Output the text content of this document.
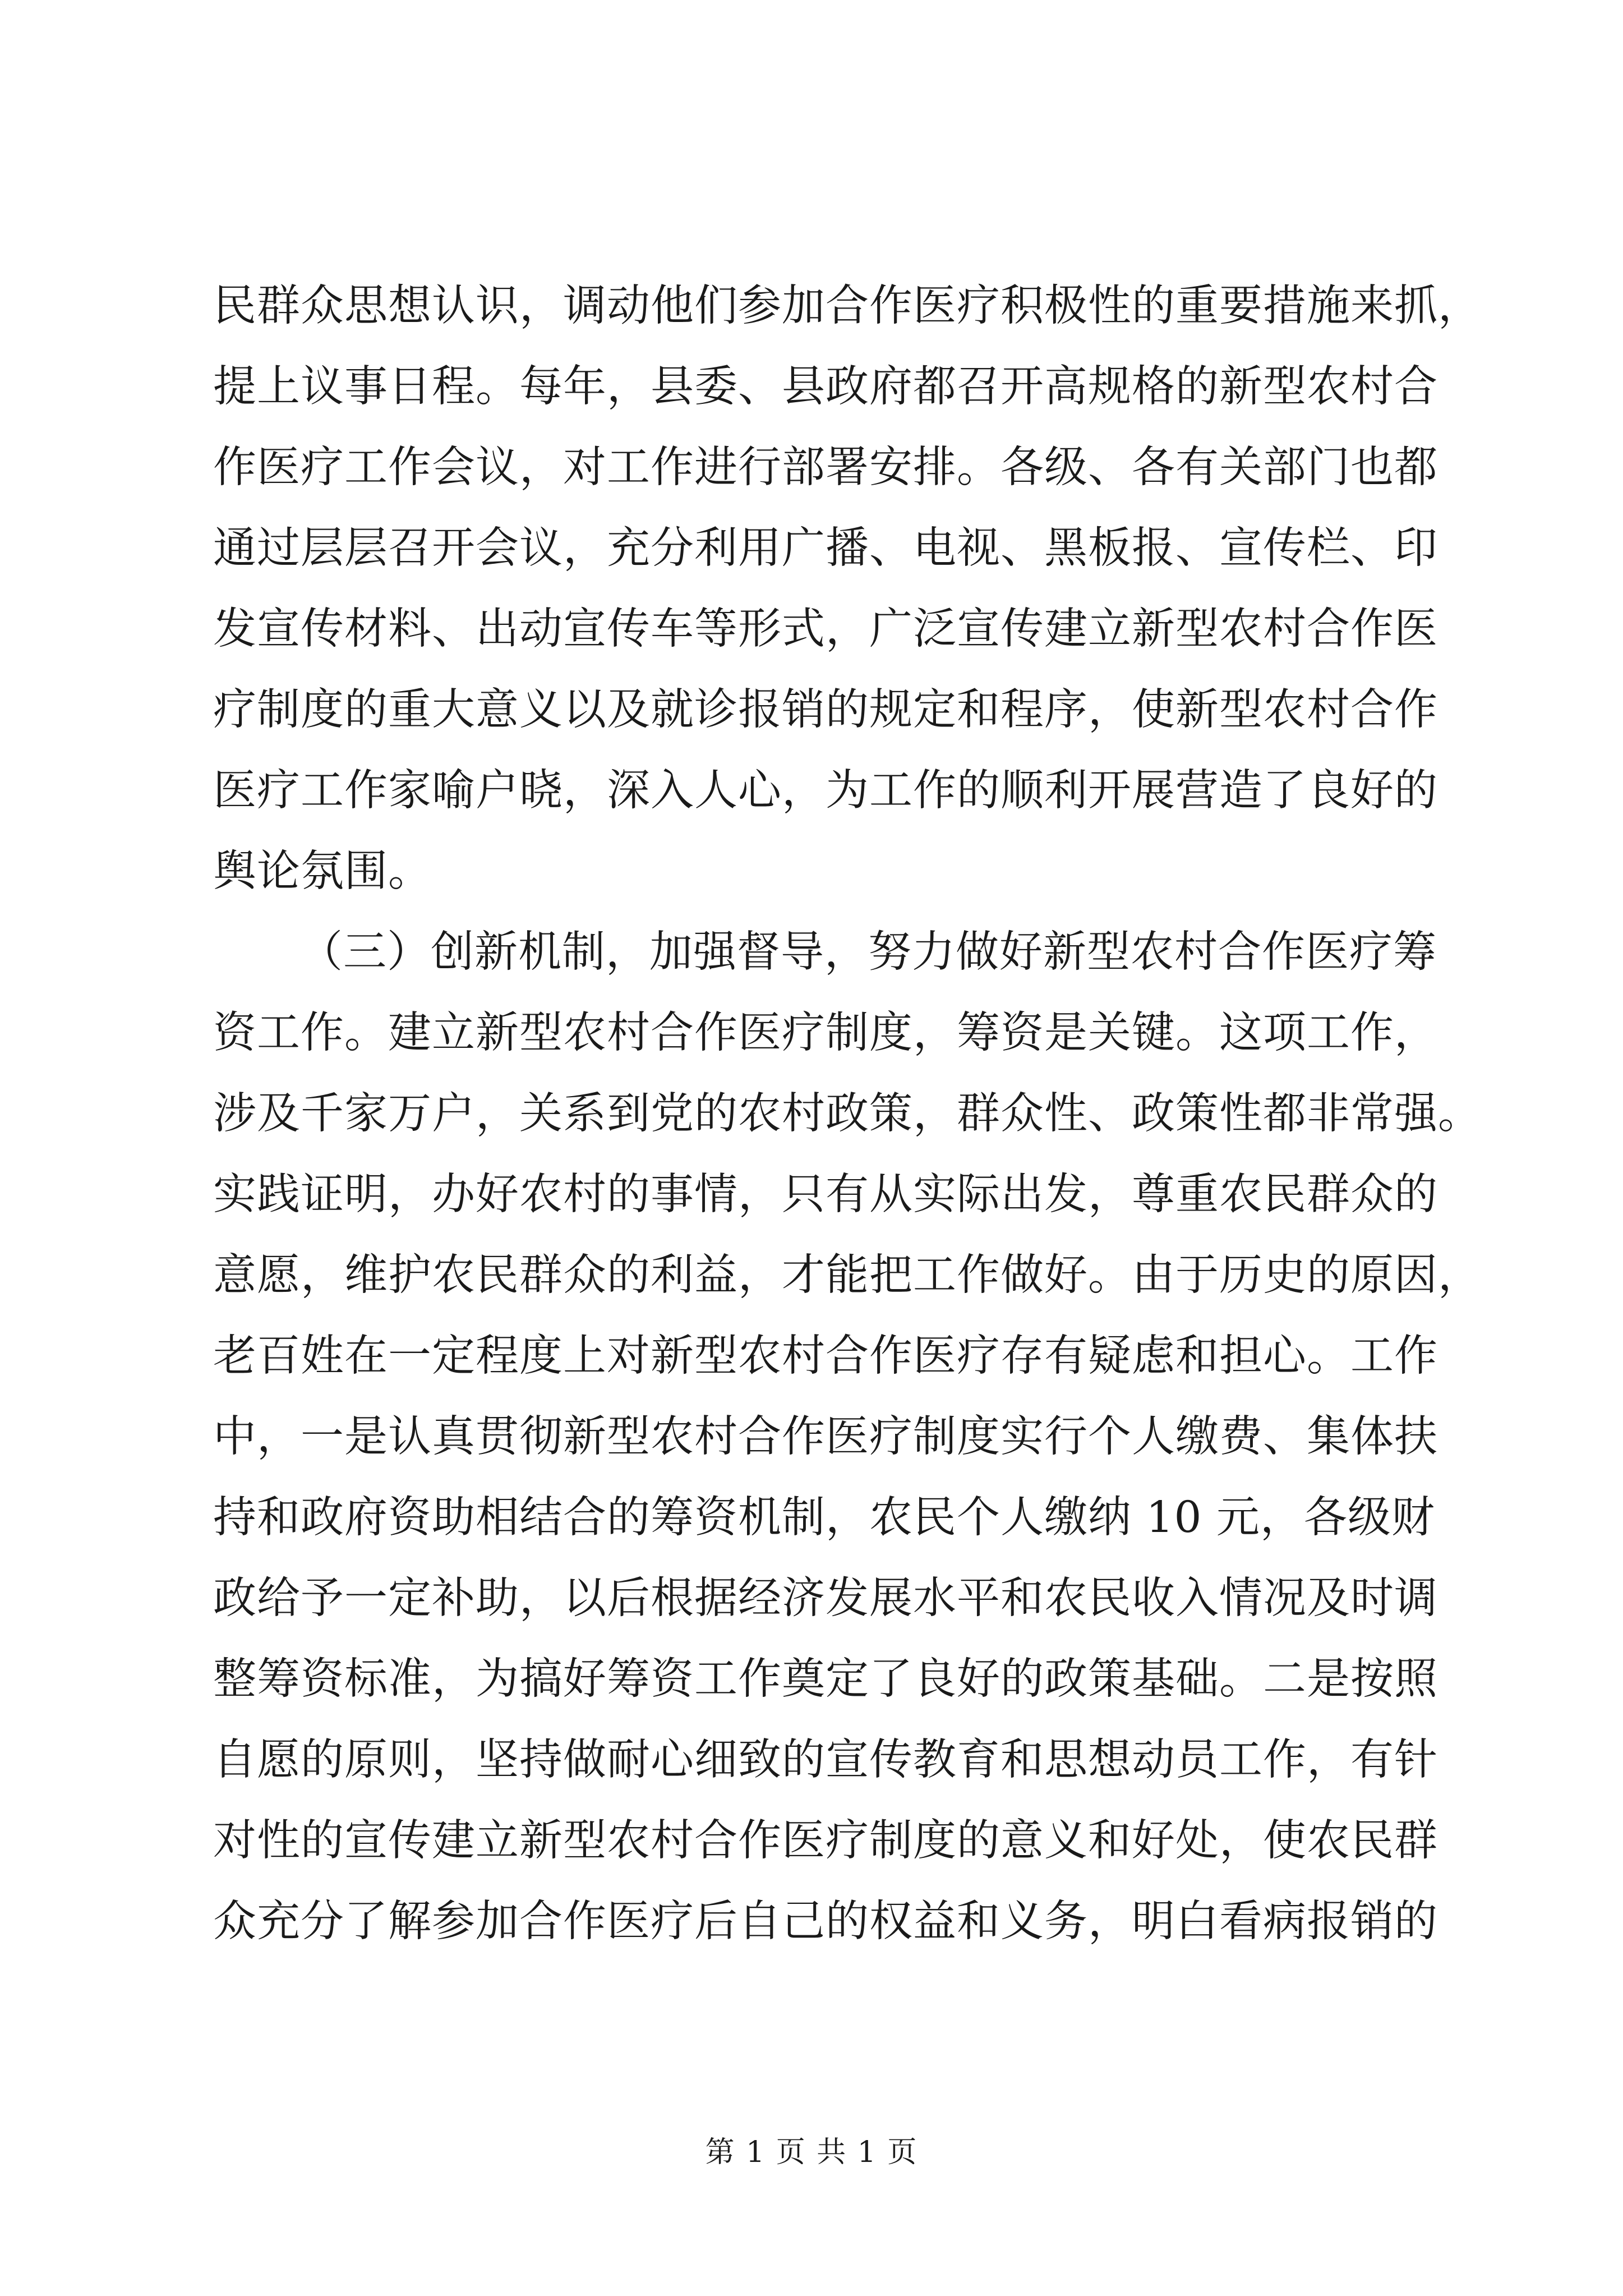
民群众思想认识，调动他们参加合作医疗积极性的重要措施来抓，
提上议事日程。每年，县委、县政府都召开高规格的新型农村合
作医疗工作会议，对工作进行部署安排。各级、各有关部门也都
通过层层召开会议，充分利用广播、电视、黑板报、宣传栏、印
发宣传材料、出动宣传车等形式，广泛宣传建立新型农村合作医
疗制度的重大意义以及就诊报销的规定和程序，使新型农村合作
医疗工作家喻户晓，深入人心，为工作的顺利开展营造了良好的
舆论氛围。
（三）创新机制，加强督导，努力做好新型农村合作医疗筹
资工作。建立新型农村合作医疗制度，筹资是关键。这项工作，
涉及千家万户，关系到党的农村政策，群众性、政策性都非常强。
实践证明，办好农村的事情，只有从实际出发，尊重农民群众的
意愿，维护农民群众的利益，才能把工作做好。由于历史的原因，
老百姓在一定程度上对新型农村合作医疗存有疑虑和担心。工作
中，一是认真贯彻新型农村合作医疗制度实行个人缴费、集体扶
持和政府资助相结合的筹资机制，农民个人缴纳 10 元，各级财
政给予一定补助，以后根据经济发展水平和农民收入情况及时调
整筹资标准，为搞好筹资工作奠定了良好的政策基础。二是按照
自愿的原则，坚持做耐心细致的宣传教育和思想动员工作，有针
对性的宣传建立新型农村合作医疗制度的意义和好处，使农民群
众充分了解参加合作医疗后自己的权益和义务，明白看病报销的
第 1 页 共 1 页
